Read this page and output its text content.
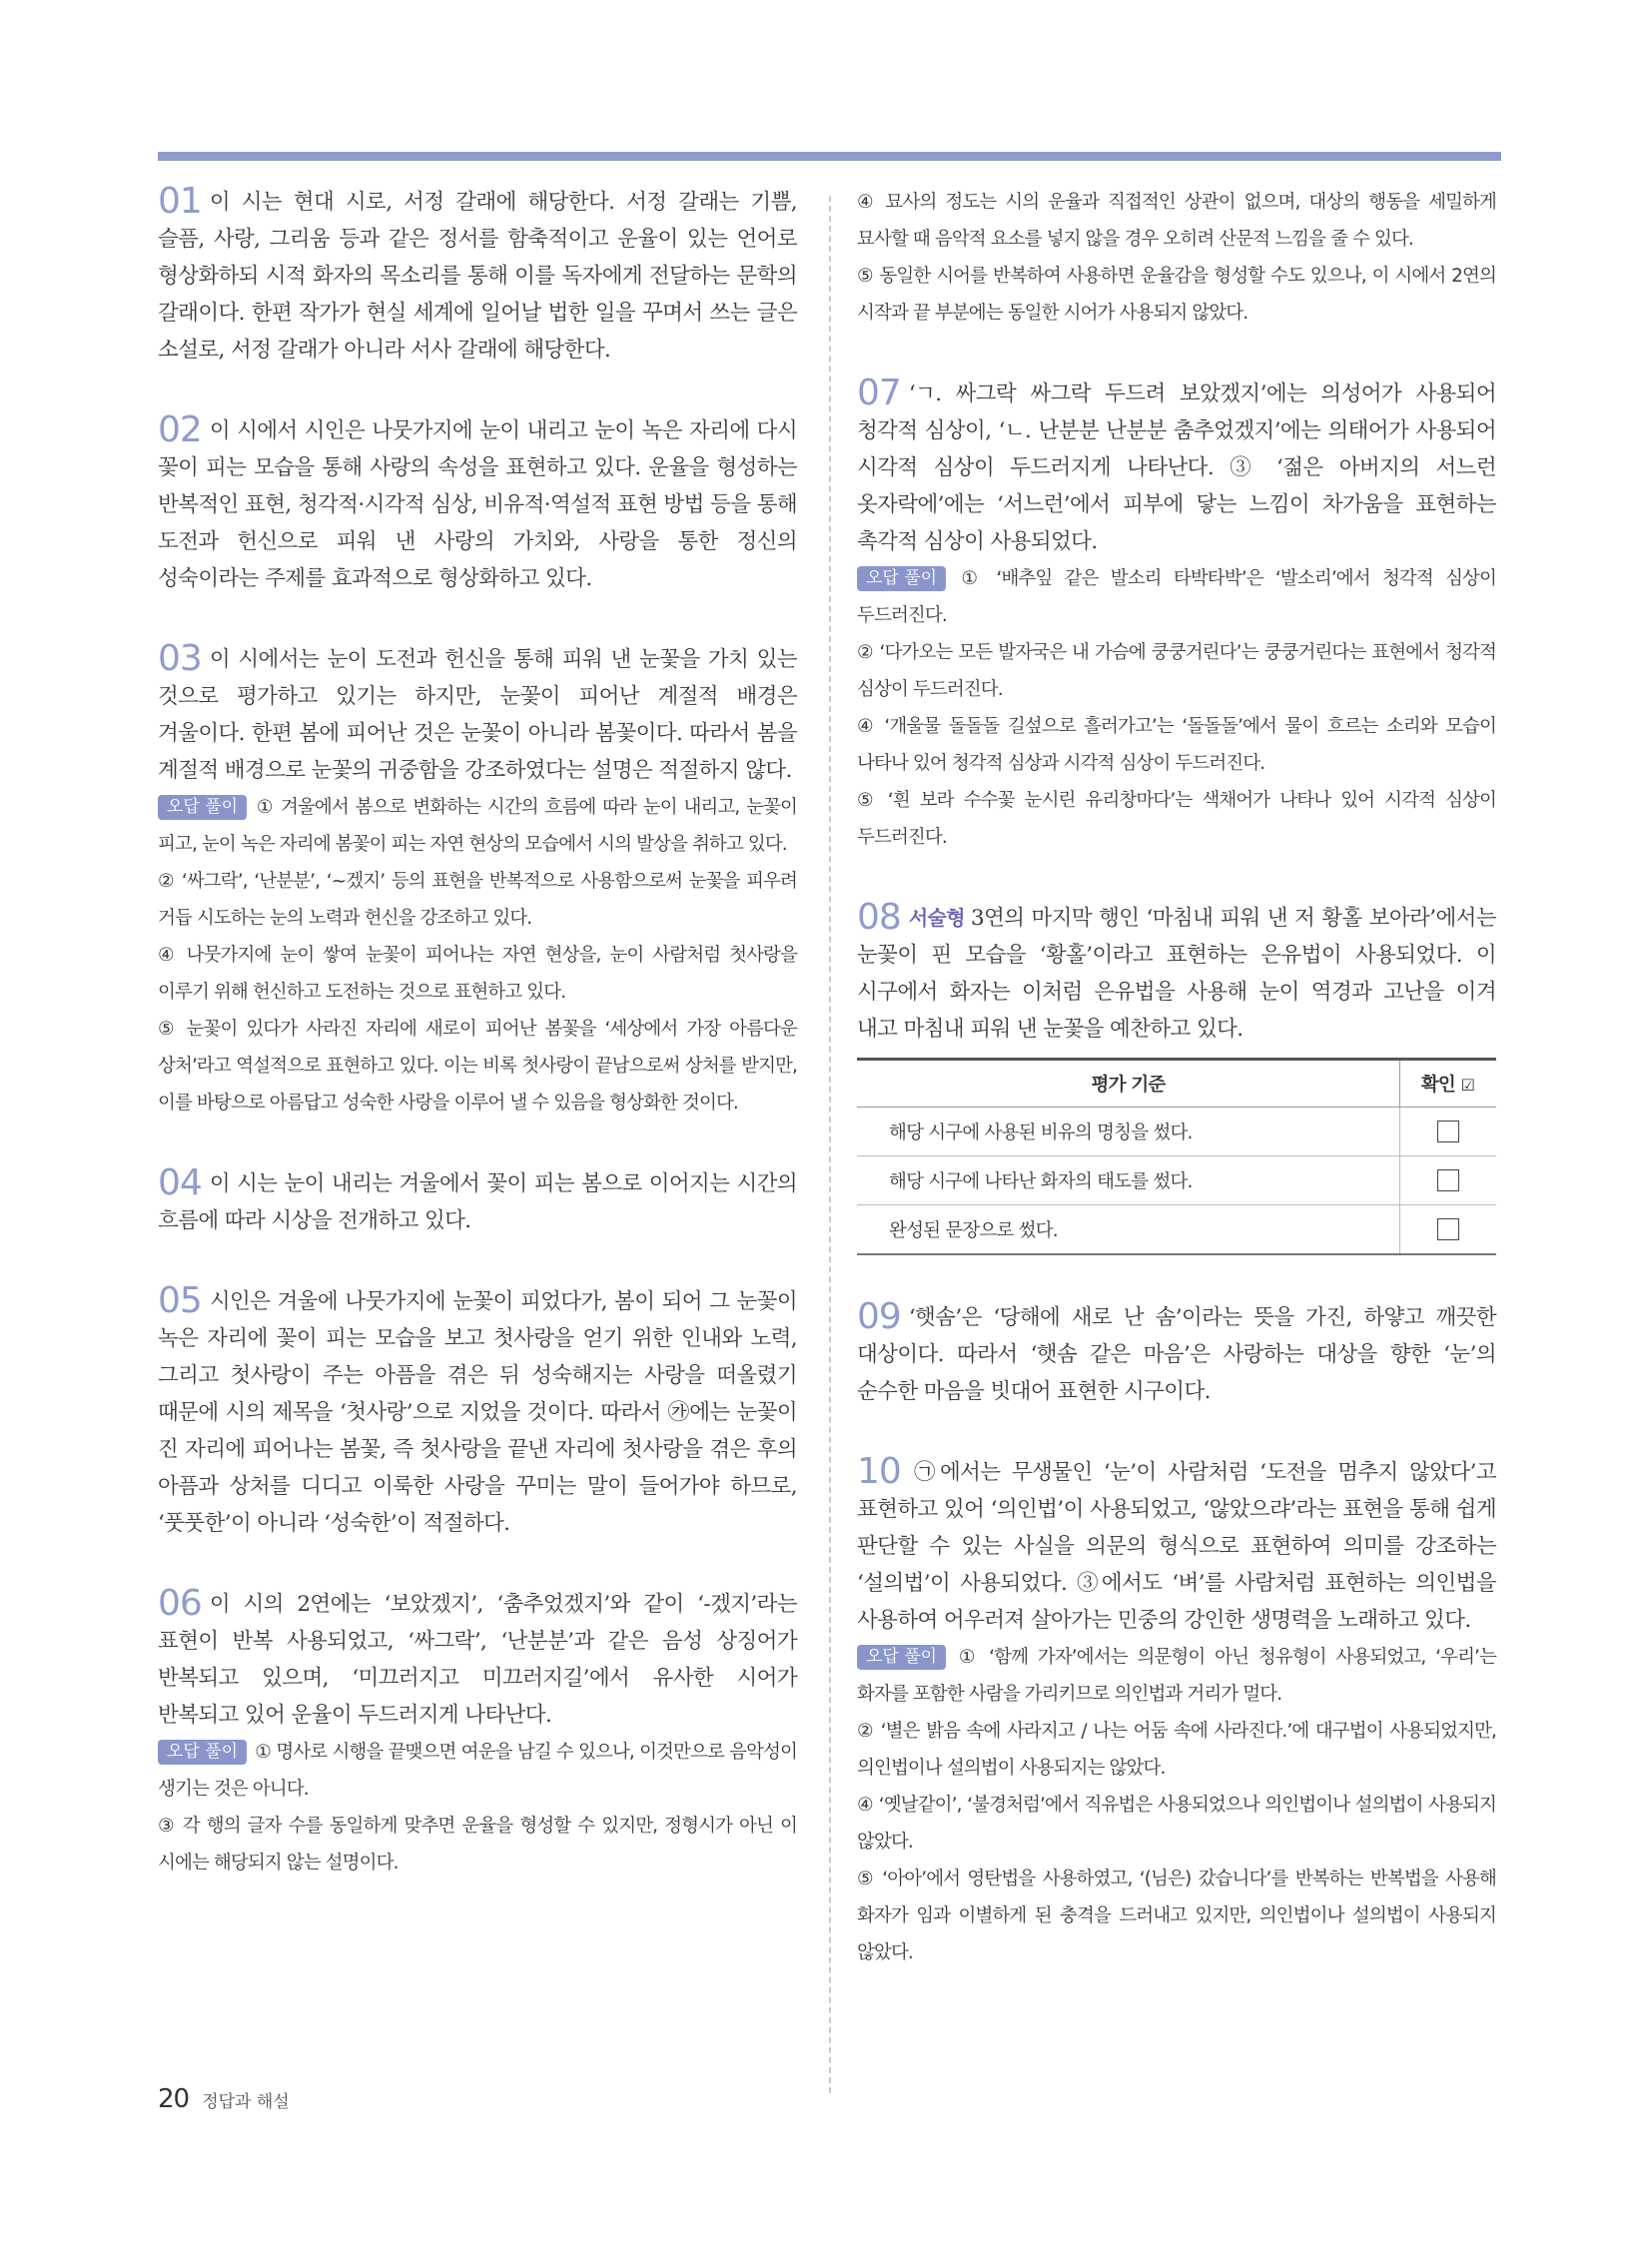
01 이 시는 현대 시로, 서정 갈래에 해당한다. 서정 갈래는 기쁨, 슬픔, 사랑, 그리움 등과 같은 정서를 함축적이고 운율이 있는 언어로 형상화하되 시적 화자의 목소리를 통해 이를 독자에게 전달하는 문학의 갈래이다. 한편 작가가 현실 세계에 일어날 법한 일을 꾸며서 쓰는 글은 소설로, 서정 갈래가 아니라 서사 갈래에 해당한다.

02 이 시에서 시인은 나뭇가지에 눈이 내리고 눈이 녹은 자리에 다시 꽃이 피는 모습을 통해 사랑의 속성을 표현하고 있다. 운율을 형성하는 반복적인 표현, 청각적·시각적 심상, 비유적·역설적 표현 방법 등을 통해 도전과 헌신으로 피워 낸 사랑의 가치와, 사랑을 통한 정신의 성숙이라는 주제를 효과적으로 형상화하고 있다.

03 이 시에서는 눈이 도전과 헌신을 통해 피워 낸 눈꽃을 가치 있는 것으로 평가하고 있기는 하지만, 눈꽃이 피어난 계절적 배경은 겨울이다. 한편 봄에 피어난 것은 눈꽃이 아니라 봄꽃이다. 따라서 봄을 계절적 배경으로 눈꽃의 귀중함을 강조하였다는 설명은 적절하지 않다.

오답 풀이 ① 겨울에서 봄으로 변화하는 시간의 흐름에 따라 눈이 내리고, 눈꽃이 피고, 눈이 녹은 자리에 봄꽃이 피는 자연 현상의 모습에서 시의 발상을 취하고 있다.

② ‘싸그락’, ‘난분분’, ‘~겠지’ 등의 표현을 반복적으로 사용함으로써 눈꽃을 피우려 거듭 시도하는 눈의 노력과 헌신을 강조하고 있다.

④ 나뭇가지에 눈이 쌓여 눈꽃이 피어나는 자연 현상을, 눈이 사람처럼 첫사랑을 이루기 위해 헌신하고 도전하는 것으로 표현하고 있다.

⑤ 눈꽃이 있다가 사라진 자리에 새로이 피어난 봄꽃을 ‘세상에서 가장 아름다운 상처’라고 역설적으로 표현하고 있다. 이는 비록 첫사랑이 끝남으로써 상처를 받지만, 이를 바탕으로 아름답고 성숙한 사랑을 이루어 낼 수 있음을 형상화한 것이다.

04 이 시는 눈이 내리는 겨울에서 꽃이 피는 봄으로 이어지는 시간의 흐름에 따라 시상을 전개하고 있다.

05 시인은 겨울에 나뭇가지에 눈꽃이 피었다가, 봄이 되어 그 눈꽃이 녹은 자리에 꽃이 피는 모습을 보고 첫사랑을 얻기 위한 인내와 노력, 그리고 첫사랑이 주는 아픔을 겪은 뒤 성숙해지는 사랑을 떠올렸기 때문에 시의 제목을 ‘첫사랑’으로 지었을 것이다. 따라서 ㉮에는 눈꽃이 진 자리에 피어나는 봄꽃, 즉 첫사랑을 끝낸 자리에 첫사랑을 겪은 후의 아픔과 상처를 디디고 이룩한 사랑을 꾸미는 말이 들어가야 하므로, ‘풋풋한’이 아니라 ‘성숙한’이 적절하다.

06 이 시의 2연에는 ‘보았겠지’, ‘춤추었겠지’와 같이 ‘-겠지’라는 표현이 반복 사용되었고, ‘싸그락’, ‘난분분’과 같은 음성 상징어가 반복되고 있으며, ‘미끄러지고 미끄러지길’에서 유사한 시어가 반복되고 있어 운율이 두드러지게 나타난다.

오답 풀이 ① 명사로 시행을 끝맺으면 여운을 남길 수 있으나, 이것만으로 음악성이 생기는 것은 아니다.

③ 각 행의 글자 수를 동일하게 맞추면 운율을 형성할 수 있지만, 정형시가 아닌 이 시에는 해당되지 않는 설명이다.

④ 묘사의 정도는 시의 운율과 직접적인 상관이 없으며, 대상의 행동을 세밀하게 묘사할 때 음악적 요소를 넣지 않을 경우 오히려 산문적 느낌을 줄 수 있다.

⑤ 동일한 시어를 반복하여 사용하면 운율감을 형성할 수도 있으나, 이 시에서 2연의 시작과 끝 부분에는 동일한 시어가 사용되지 않았다.

07 ‘ㄱ. 싸그락 싸그락 두드려 보았겠지’에는 의성어가 사용되어 청각적 심상이, ‘ㄴ. 난분분 난분분 춤추었겠지’에는 의태어가 사용되어 시각적 심상이 두드러지게 나타난다. ③ ‘젊은 아버지의 서느런 옷자락에’에는 ‘서느런’에서 피부에 닿는 느낌이 차가움을 표현하는 촉각적 심상이 사용되었다.

오답 풀이 ① ‘배추잎 같은 발소리 타박타박’은 ‘발소리’에서 청각적 심상이 두드러진다.

② ‘다가오는 모든 발자국은 내 가슴에 쿵쿵거린다’는 쿵쿵거린다는 표현에서 청각적 심상이 두드러진다.

④ ‘개울물 돌돌돌 길섶으로 흘러가고’는 ‘돌돌돌’에서 물이 흐르는 소리와 모습이 나타나 있어 청각적 심상과 시각적 심상이 두드러진다.

⑤ ‘흰 보라 수수꽃 눈시린 유리창마다’는 색채어가 나타나 있어 시각적 심상이 두드러진다.

08 서술형 3연의 마지막 행인 ‘마침내 피워 낸 저 황홀 보아라’에서는 눈꽃이 핀 모습을 ‘황홀’이라고 표현하는 은유법이 사용되었다. 이 시구에서 화자는 이처럼 은유법을 사용해 눈이 역경과 고난을 이겨 내고 마침내 피워 낸 눈꽃을 예찬하고 있다.

평가 기준	확인 ☑
해당 시구에 사용된 비유의 명칭을 썼다.	
해당 시구에 나타난 화자의 태도를 썼다.	
완성된 문장으로 썼다.	

09 ‘햇솜’은 ‘당해에 새로 난 솜’이라는 뜻을 가진, 하얗고 깨끗한 대상이다. 따라서 ‘햇솜 같은 마음’은 사랑하는 대상을 향한 ‘눈’의 순수한 마음을 빗대어 표현한 시구이다.

10 ㉠에서는 무생물인 ‘눈’이 사람처럼 ‘도전을 멈추지 않았다’고 표현하고 있어 ‘의인법’이 사용되었고, ‘않았으랴’라는 표현을 통해 쉽게 판단할 수 있는 사실을 의문의 형식으로 표현하여 의미를 강조하는 ‘설의법’이 사용되었다. ③에서도 ‘벼’를 사람처럼 표현하는 의인법을 사용하여 어우러져 살아가는 민중의 강인한 생명력을 노래하고 있다.

오답 풀이 ① ‘함께 가자’에서는 의문형이 아닌 청유형이 사용되었고, ‘우리’는 화자를 포함한 사람을 가리키므로 의인법과 거리가 멀다.

② ‘별은 밝음 속에 사라지고 / 나는 어둠 속에 사라진다.’에 대구법이 사용되었지만, 의인법이나 설의법이 사용되지는 않았다.

④ ‘옛날같이’, ‘불경처럼’에서 직유법은 사용되었으나 의인법이나 설의법이 사용되지 않았다.

⑤ ‘아아’에서 영탄법을 사용하였고, ‘(님은) 갔습니다’를 반복하는 반복법을 사용해 화자가 임과 이별하게 된 충격을 드러내고 있지만, 의인법이나 설의법이 사용되지 않았다.

20 정답과 해설
